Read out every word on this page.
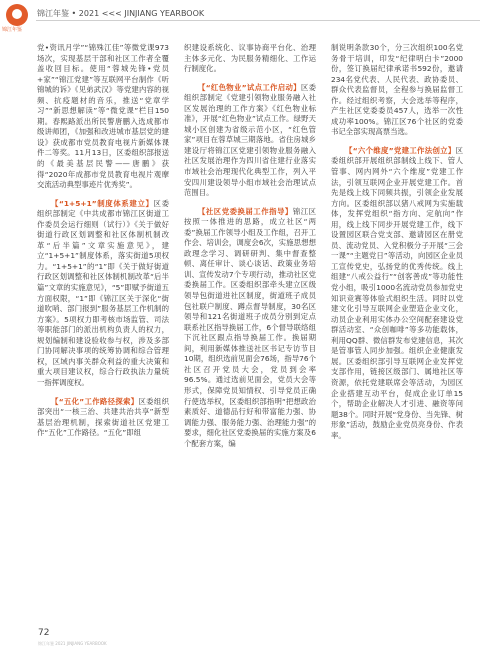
锦江年鉴
锦江年鉴 • 2021 <<< JINJIANG YEARBOOK

党•资讯月学”“锦殊江佳”等微党课973场次，实现基层干部和社区工作者全覆盖收回目标。使用“蓉城先锋•党员+家”“锦江党建”等互联网平台制作《听锦城的诉》《见弟武汉》等党建内容的视频、抗疫题材的音乐，推送“党章学习”“新思想解读”等“微党课”栏目150期。春熙路派出所民警唐鹏入选成都市级讲师团，《加强和改进城市基层党的建设》获成都市党员教育电视片新媒体课件二等奖。11月13日，区委组织部报送的《最美基层民警——唐鹏》获得“2020年成都市党员教育电视片观摩交流活动典型事迹片优秀奖”。

【“1+5+1”制度体系建立】区委组织部制定《中共成都市锦江区街道工作委员会运行细则（试行）》《关于做好街道行政区划调整和社区体制机制改革“后半篇”文章实施意见》，建立“1+5+1”制度体系，落实街道5项权力。“1+5+1”的“1”即《关于做好街道行政区划调整和社区体制机制改革“后半篇”文章的实施意见》，“5”即赋予街道五方面权限，“1”即《锦江区关于深化“街道吹哨、部门报到”服务基层工作机制的方案》。5项权力即考核市场监管、司法等职能部门的派出机构负责人的权力，规划编制和建设验收参与权，涉及多部门协同解决事项的统筹协调和综合管理权，区域内事关群众利益的重大决策和重大项目建议权，综合行政执法力量统一指挥调度权。

【“五化”工作路径探索】区委组织部突出“一核三治、共建共治共享”新型基层治理机制，探索街道社区党建工作“五化”工作路径。“五化”即组

织建设系统化、议事协商平台化、治理主体多元化、为民服务精细化、工作运行制度化。

【“红色物业”试点工作启动】区委组织部制定《党建引领物业服务融入社区发展治理的工作方案》《红色物业标准》，开展“红色物业”试点工作。绿野天城小区创建为省级示范小区，“红色管家”项目在蓉草城三期落地。省住房城乡建设厅将锦江区党建引领物业服务融入社区发展治理作为四川省住建行业落实市域社会治理现代化典型工作，列入平安四川建设领导小组市域社会治理试点范围目。

【社区党委换届工作指导】锦江区按照一体推进的思路，成立社区“两委”换届工作领导小组及工作组，召开工作会、培训会，调度会6次，实施思想想政理念学习、调研研判、集中督查整顿、离任审计、谈心谈话、政策业务培训、宣传发动7个专项行动，推动社区党委换届工作。区委组织部牵头建立区级领导包街道进社区制度，街道班子成员包社联户制度、蹲点督导制度，30名区领导和121名街道班子成员分别到定点联系社区指导换届工作，6个督导联络组下沉社区跟点指导换届工作。换届期间，利用新媒体推送社区书记专访节目10期，组织选前见面会76场，指导76个社区召开党员大会，党员到会率96.5%。通过选前见面会，党员大会等形式，保障党员知情权、引导党员正确行使选举权，区委组织部指明“把想政治素质好、道德品行好和带富能力强、协调能力强、服务能力强、治理能力强”的要求，细化社区党委换届的实施方案及6个配套方案，编

制说明条款30个，分三次组织100名党务骨干培训，印发“纪律明白卡”2000份，签订换届纪律承诺书592份，邀请234名党代表、人民代表、政协委员、群众代表监督员，全程参与换届监督工作。经过组织考察，大会选举等程序，产生社区党委委员457人，选举一次性成功率100%。锦江区76个社区的党委书记全部实现高票当选。

【“六个维度”党建工作法创立】区委组织部开展组织部制线上线下、管人管事、网内网外“六个维度”党建工作法，引领互联网企业开展党建工作。首先是线上线下同频共振，引领企业发展方向。区委组织部以猪八戒网为实施载体，发挥党组织“指方向、定航向”作用，线上线下同步开展党建工作，线下设置园区联合党支部、邀请园区在册党员、流动党员、入党积极分子开展“三会一课”“主题党日”等活动，向园区企业员工宣传党史，弘扬党的优秀传统。线上组建“八戒公益行”“创客善成”等功能性党小组，吸引1000名流动党员参加党史知识竞赛等体验式组织生活。同时以党建文化引导互联网企业塑造企业文化，动员企业利用实体办公空间配套建设党群活动室、“众创咖啡”等多功能载体，利用QQ群、微信群发布党建信息，其次是管事管人同步加强。组织企业健康发展。区委组织部引导互联网企业发挥党支部作用，链接区级部门、属地社区等资源，依托党建联席会等活动，为园区企业搭建互动平台，促成企业订单15个，帮助企业解决人才引进、融资等问题38个。同时开展“党身份、当先锋、树形象”活动，鼓励企业党员亮身份、作表率。

72
锦江年鉴 2021 JINJIANG YEARBOOK
